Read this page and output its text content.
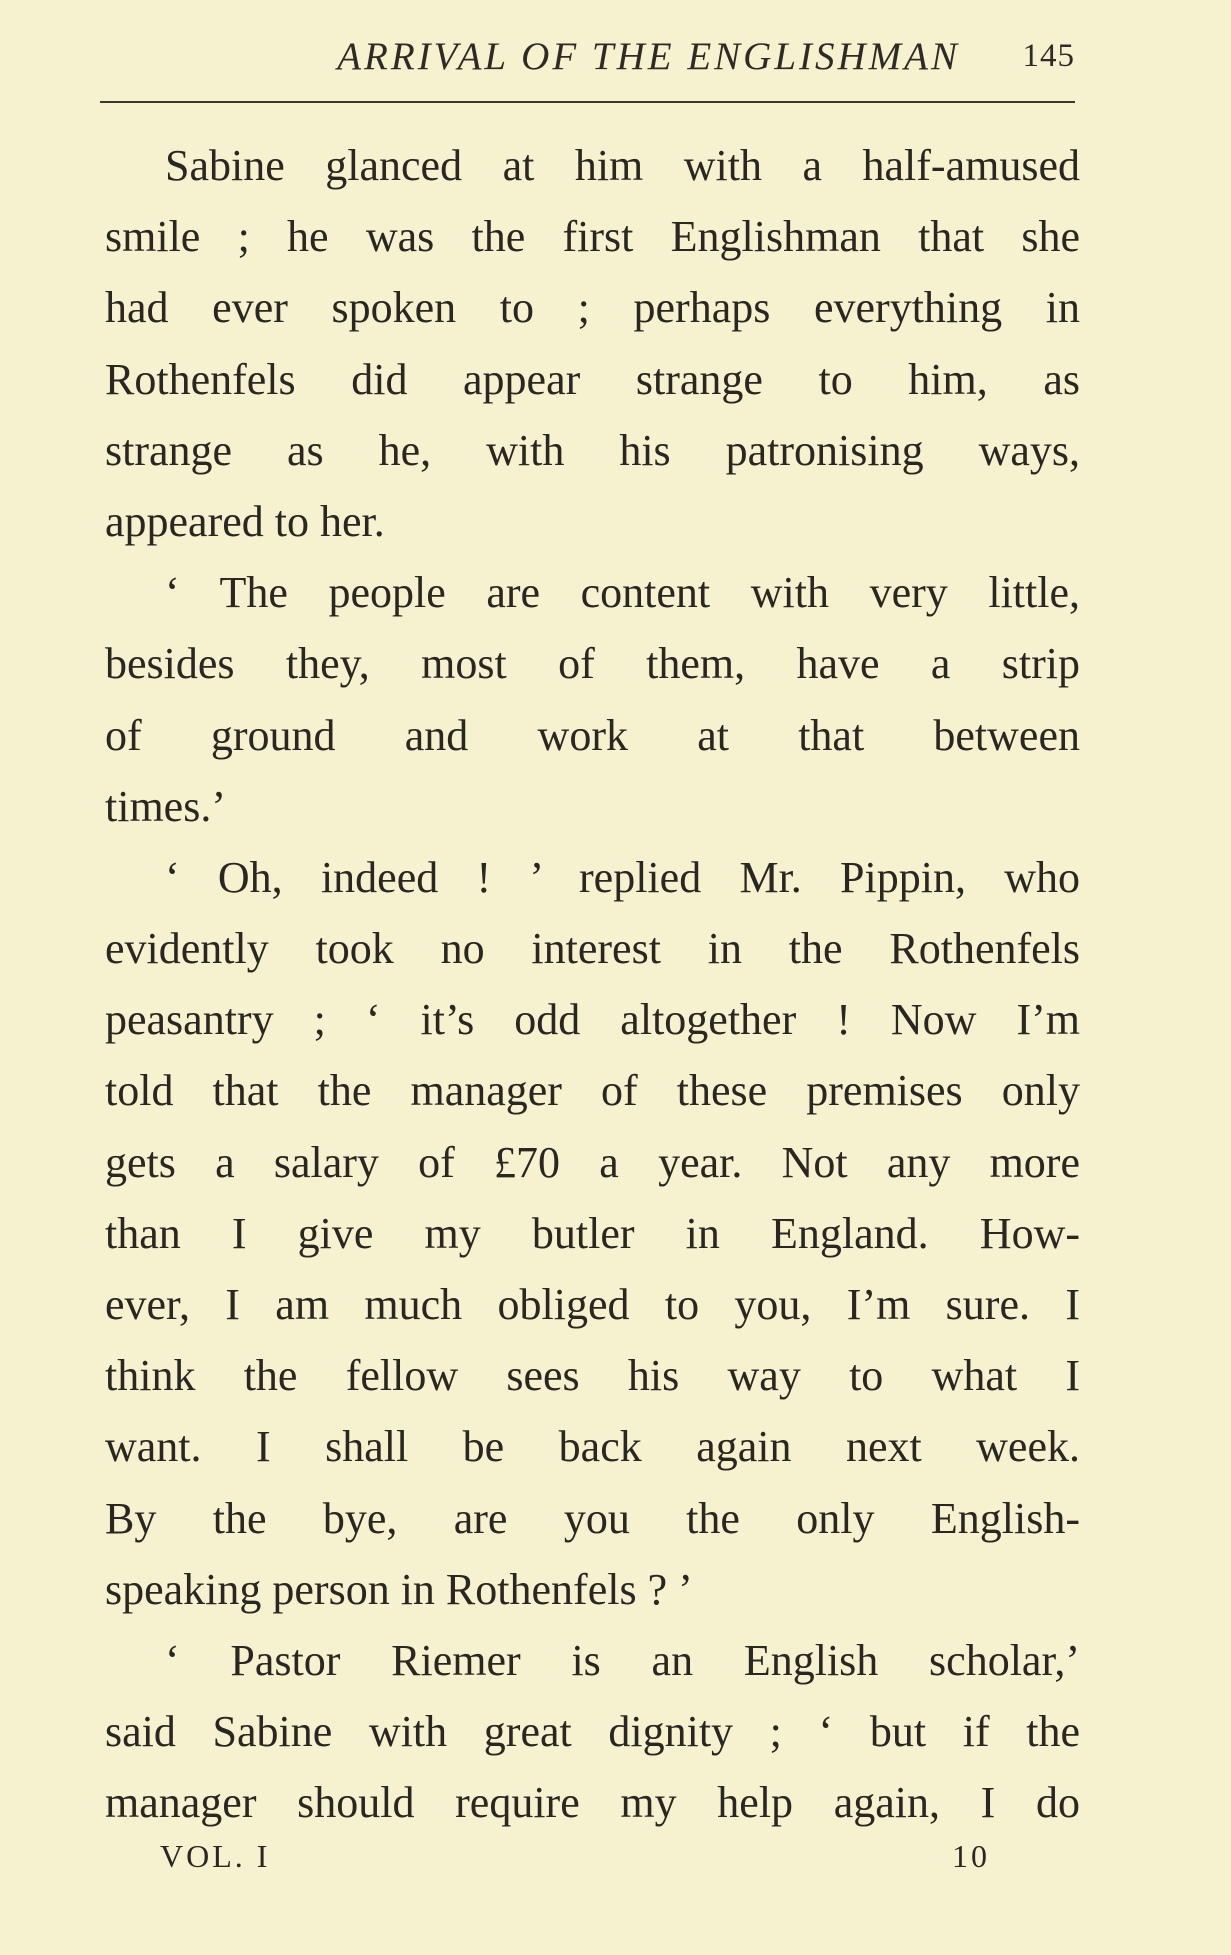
ARRIVAL OF THE ENGLISHMAN 145
Sabine glanced at him with a half-amused
smile ; he was the first Englishman that she
had ever spoken to ; perhaps everything in
Rothenfels did appear strange to him, as
strange as he, with his patronising ways,
appeared to her.
‘ The people are content with very little,
besides they, most of them, have a strip
of ground and work at that between
times.’
‘ Oh, indeed ! ’ replied Mr. Pippin, who
evidently took no interest in the Rothenfels
peasantry ; ‘ it’s odd altogether ! Now I’m
told that the manager of these premises only
gets a salary of £70 a year. Not any more
than I give my butler in England. How-
ever, I am much obliged to you, I’m sure. I
think the fellow sees his way to what I
want. I shall be back again next week.
By the bye, are you the only English-
speaking person in Rothenfels ? ’
‘ Pastor Riemer is an English scholar,’
said Sabine with great dignity ; ‘ but if the
manager should require my help again, I do
VOL. I	10
